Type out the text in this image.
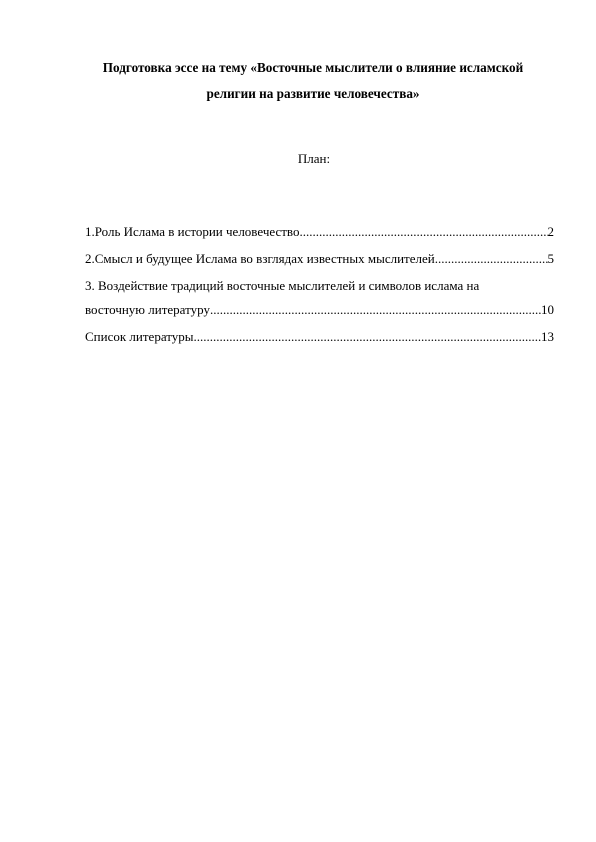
Подготовка эссе на тему «Восточные мыслители о влияние исламской религии на развитие человечества»
План:
1.Роль Ислама в истории человечество .....	2
2.Смысл и будущее Ислама во взглядах известных мыслителей .....	5
3. Воздействие традиций восточные мыслителей и символов ислама на
восточную литературу .....	10
Список литературы .....	13
